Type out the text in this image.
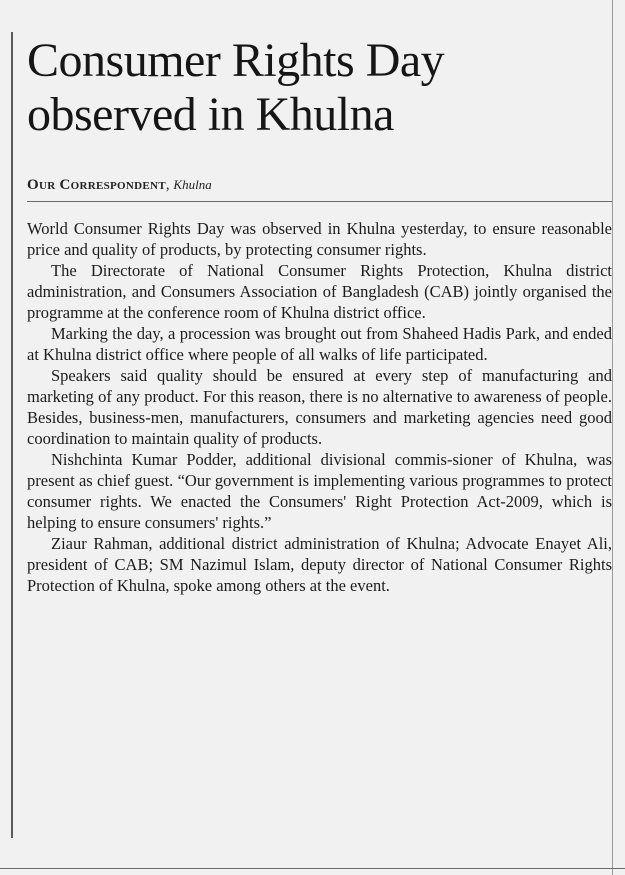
Consumer Rights Day observed in Khulna
Our Correspondent, Khulna

World Consumer Rights Day was observed in Khulna yesterday, to ensure reasonable price and quality of products, by protecting consumer rights.

The Directorate of National Consumer Rights Protection, Khulna district administration, and Consumers Association of Bangladesh (CAB) jointly organised the programme at the conference room of Khulna district office.

Marking the day, a procession was brought out from Shaheed Hadis Park, and ended at Khulna district office where people of all walks of life participated.

Speakers said quality should be ensured at every step of manufacturing and marketing of any product. For this reason, there is no alternative to awareness of people. Besides, business-men, manufacturers, consumers and marketing agencies need good coordination to maintain quality of products.

Nishchinta Kumar Podder, additional divisional commis-sioner of Khulna, was present as chief guest. “Our government is implementing various programmes to protect consumer rights. We enacted the Consumers' Right Protection Act-2009, which is helping to ensure consumers' rights.”

Ziaur Rahman, additional district administration of Khulna; Advocate Enayet Ali, president of CAB; SM Nazimul Islam, deputy director of National Consumer Rights Protection of Khulna, spoke among others at the event.
